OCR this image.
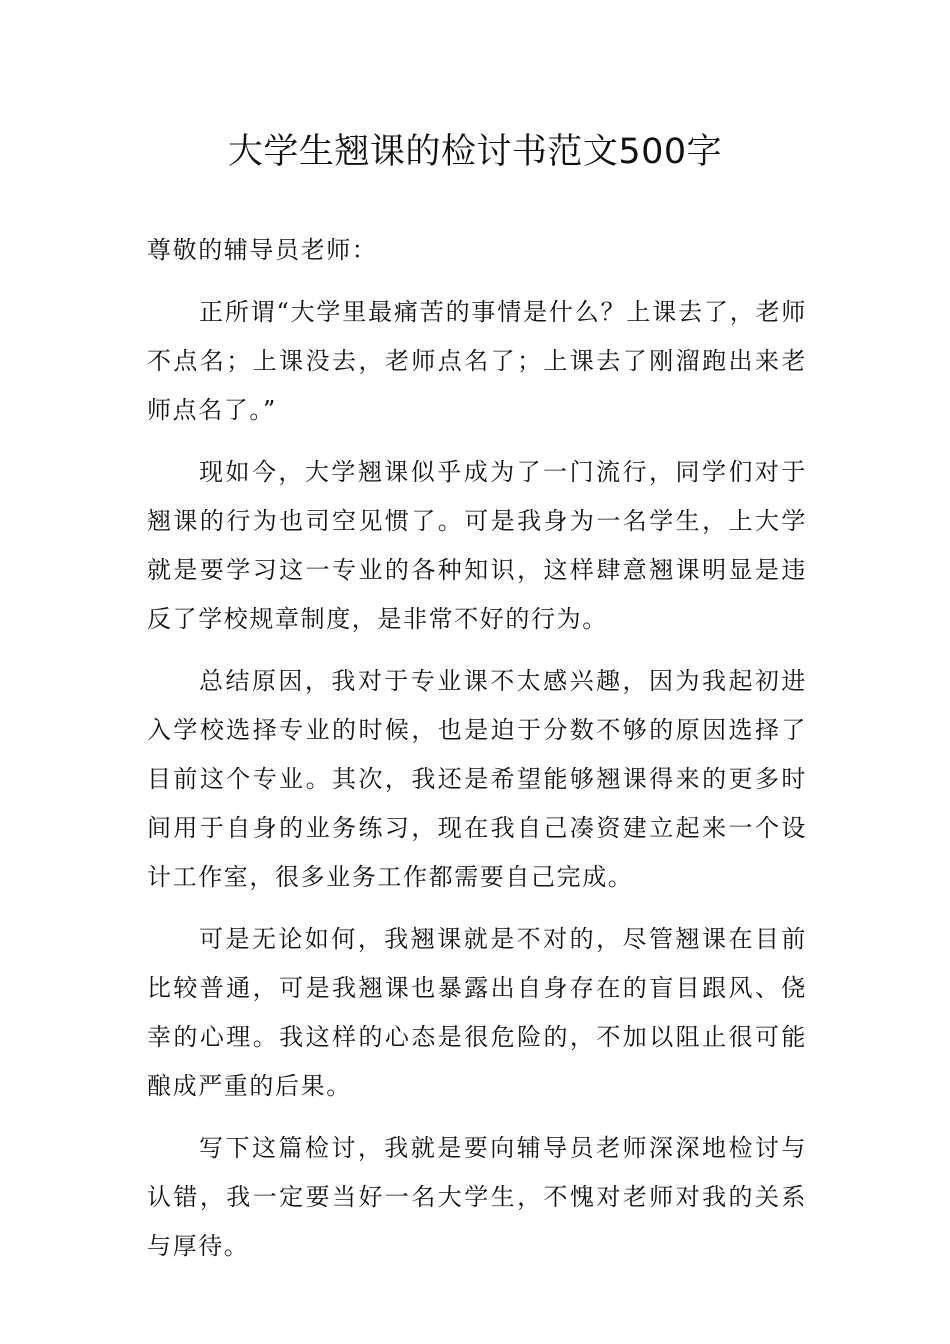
大学生翘课的检讨书范文500字

尊敬的辅导员老师：

正所谓“大学里最痛苦的事情是什么？上课去了，老师不点名；上课没去，老师点名了；上课去了刚溜跑出来老师点名了。”

现如今，大学翘课似乎成为了一门流行，同学们对于翘课的行为也司空见惯了。可是我身为一名学生，上大学就是要学习这一专业的各种知识，这样肆意翘课明显是违反了学校规章制度，是非常不好的行为。

总结原因，我对于专业课不太感兴趣，因为我起初进入学校选择专业的时候，也是迫于分数不够的原因选择了目前这个专业。其次，我还是希望能够翘课得来的更多时间用于自身的业务练习，现在我自己凑资建立起来一个设计工作室，很多业务工作都需要自己完成。

可是无论如何，我翘课就是不对的，尽管翘课在目前比较普通，可是我翘课也暴露出自身存在的盲目跟风、侥幸的心理。我这样的心态是很危险的，不加以阻止很可能酿成严重的后果。

写下这篇检讨，我就是要向辅导员老师深深地检讨与认错，我一定要当好一名大学生，不愧对老师对我的关系与厚待。
